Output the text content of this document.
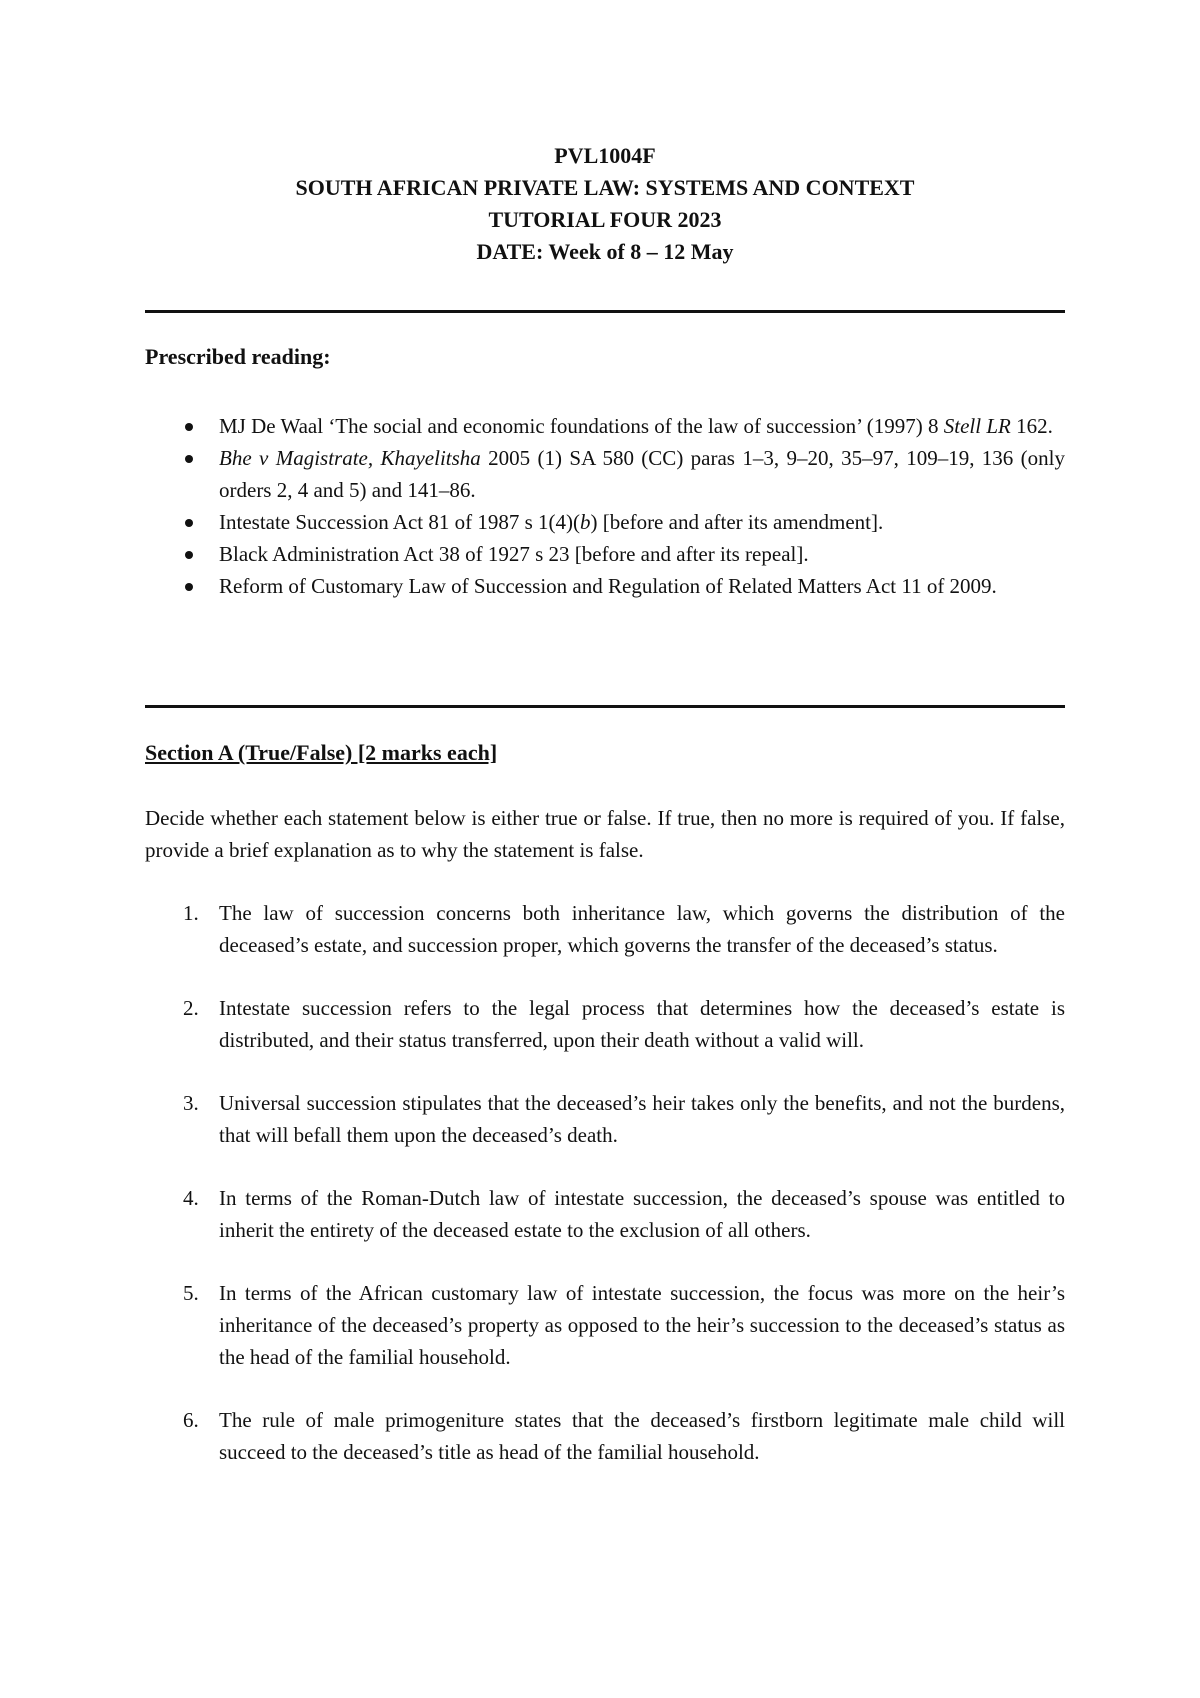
PVL1004F
SOUTH AFRICAN PRIVATE LAW: SYSTEMS AND CONTEXT
TUTORIAL FOUR 2023
DATE: Week of 8 – 12 May
Prescribed reading:
MJ De Waal ‘The social and economic foundations of the law of succession’ (1997) 8 Stell LR 162.
Bhe v Magistrate, Khayelitsha 2005 (1) SA 580 (CC) paras 1–3, 9–20, 35–97, 109–19, 136 (only orders 2, 4 and 5) and 141–86.
Intestate Succession Act 81 of 1987 s 1(4)(b) [before and after its amendment].
Black Administration Act 38 of 1927 s 23 [before and after its repeal].
Reform of Customary Law of Succession and Regulation of Related Matters Act 11 of 2009.
Section A (True/False) [2 marks each]

Decide whether each statement below is either true or false. If true, then no more is required of you. If false, provide a brief explanation as to why the statement is false.

1. The law of succession concerns both inheritance law, which governs the distribution of the deceased’s estate, and succession proper, which governs the transfer of the deceased’s status.
2. Intestate succession refers to the legal process that determines how the deceased’s estate is distributed, and their status transferred, upon their death without a valid will.
3. Universal succession stipulates that the deceased’s heir takes only the benefits, and not the burdens, that will befall them upon the deceased’s death.
4. In terms of the Roman-Dutch law of intestate succession, the deceased’s spouse was entitled to inherit the entirety of the deceased estate to the exclusion of all others.
5. In terms of the African customary law of intestate succession, the focus was more on the heir’s inheritance of the deceased’s property as opposed to the heir’s succession to the deceased’s status as the head of the familial household.
6. The rule of male primogeniture states that the deceased’s firstborn legitimate male child will succeed to the deceased’s title as head of the familial household.
